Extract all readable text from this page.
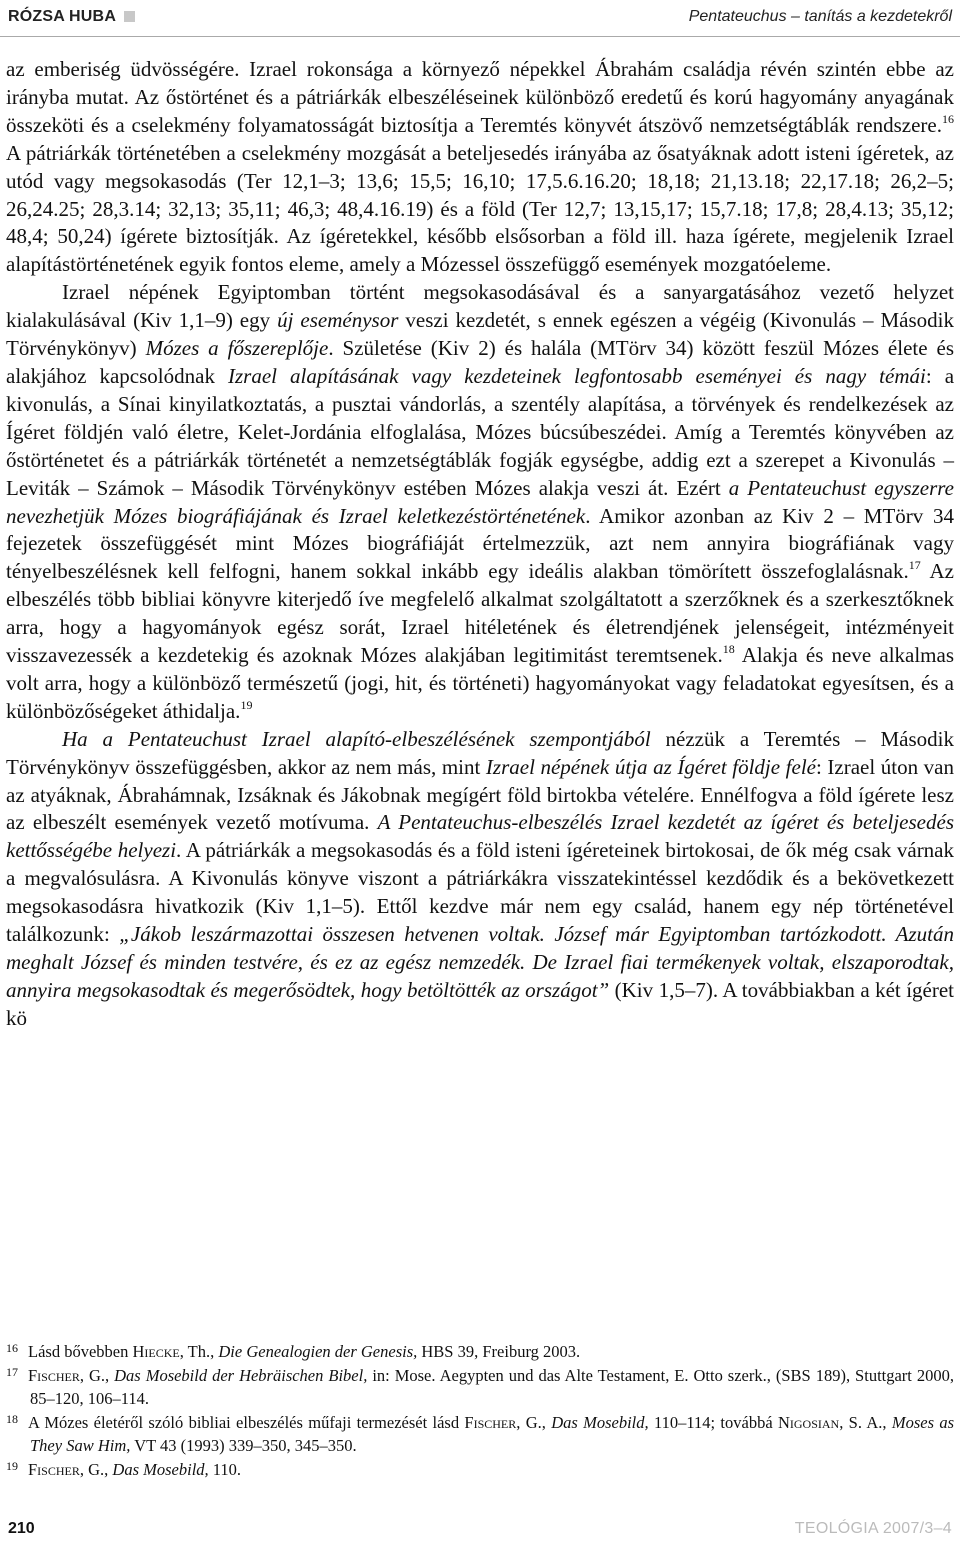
RÓZSA HUBA	Pentateuchus – tanítás a kezdetekről

az emberiség üdvösségére. Izrael rokonsága a környező népekkel Ábrahám családja révén szintén ebbe az irányba mutat. Az őstörténet és a pátriárkák elbeszéléseinek különböző eredetű és korú hagyomány anyagának összeköti és a cselekmény folyamatosságát biztosítja a Teremtés könyvét átszövő nemzetségtáblák rendszere.$^{16}$ A pátriárkák történetében a cselekmény mozgását a beteljesedés irányába az ősatyáknak adott isteni ígéretek, az utód vagy megsokasodás (Ter 12,1–3; 13,6; 15,5; 16,10; 17,5.6.16.20; 18,18; 21,13.18; 22,17.18; 26,2–5; 26,24.25; 28,3.14; 32,13; 35,11; 46,3; 48,4.16.19) és a föld (Ter 12,7; 13,15,17; 15,7.18; 17,8; 28,4.13; 35,12; 48,4; 50,24) ígérete biztosítják. Az ígéretekkel, később elsősorban a föld ill. haza ígérete, megjelenik Izrael alapítástörténetének egyik fontos eleme, amely a Mózessel összefüggő események mozgatóeleme.

Izrael népének Egyiptomban történt megsokasodásával és a sanyargatásához vezető helyzet kialakulásával (Kiv 1,1–9) egy új eseménysor veszi kezdetét, s ennek egészen a végéig (Kivonulás – Második Törvénykönyv) Mózes a főszereplője. Születése (Kiv 2) és halála (MTörv 34) között feszül Mózes élete és alakjához kapcsolódnak Izrael alapításának vagy kezdeteinek legfontosabb eseményei és nagy témái: a kivonulás, a Sínai kinyilatkoztatás, a pusztai vándorlás, a szentély alapítása, a törvények és rendelkezések az Ígéret földjén való életre, Kelet-Jordánia elfoglalása, Mózes búcsúbeszédei. Amíg a Teremtés könyvében az őstörténetet és a pátriárkák történetét a nemzetségtáblák fogják egységbe, addig ezt a szerepet a Kivonulás – Leviták – Számok – Második Törvénykönyv estében Mózes alakja veszi át. Ezért a Pentateuchust egyszerre nevezhetjük Mózes biográfiájának és Izrael keletkezéstörténetének. Amikor azonban az Kiv 2 – MTörv 34 fejezetek összefüggését mint Mózes biográfiáját értelmezzük, azt nem annyira biográfiának vagy tényelbeszélésnek kell felfogni, hanem sokkal inkább egy ideális alakban tömörített összefoglalásnak.$^{17}$ Az elbeszélés több bibliai könyvre kiterjedő íve megfelelő alkalmat szolgáltatott a szerzőknek és a szerkesztőknek arra, hogy a hagyományok egész sorát, Izrael hitéletének és életrendjének jelenségeit, intézményeit visszavezessék a kezdetekig és azoknak Mózes alakjában legitimitást teremtsenek.$^{18}$ Alakja és neve alkalmas volt arra, hogy a különböző természetű (jogi, hit, és történeti) hagyományokat vagy feladatokat egyesítsen, és a különbözőségeket áthidalja.$^{19}$

Ha a Pentateuchust Izrael alapító-elbeszélésének szempontjából nézzük a Teremtés – Második Törvénykönyv összefüggésben, akkor az nem más, mint Izrael népének útja az Ígéret földje felé: Izrael úton van az atyáknak, Ábrahámnak, Izsáknak és Jákobnak megígért föld birtokba vételére. Ennélfogva a föld ígérete lesz az elbeszélt események vezető motívuma. A Pentateuchus-elbeszélés Izrael kezdetét az ígéret és beteljesedés kettősségébe helyezi. A pátriárkák a megsokasodás és a föld isteni ígéreteinek birtokosai, de ők még csak várnak a megvalósulásra. A Kivonulás könyve viszont a pátriárkákra visszatekintéssel kezdődik és a bekövetkezett megsokasodásra hivatkozik (Kiv 1,1–5). Ettől kezdve már nem egy család, hanem egy nép történetével találkozunk: „Jákob leszármazottai összesen hetvenen voltak. József már Egyiptomban tartózkodott. Azután meghalt József és minden testvére, és ez az egész nemzedék. De Izrael fiai termékenyek voltak, elszaporodtak, annyira megsokasodtak és megerősödtek, hogy betöltötték az országot” (Kiv 1,5–7). A továbbiakban a két ígéret kö

16 Lásd bővebben Hiecke, Th., Die Genealogien der Genesis, HBS 39, Freiburg 2003.
17 Fischer, G., Das Mosebild der Hebräischen Bibel, in: Mose. Aegypten und das Alte Testament, E. Otto szerk., (SBS 189), Stuttgart 2000, 85–120, 106–114.
18 A Mózes életéről szóló bibliai elbeszélés műfaji termezését lásd Fischer, G., Das Mosebild, 110–114; továbbá Nigosian, S. A., Moses as They Saw Him, VT 43 (1993) 339–350, 345–350.
19 Fischer, G., Das Mosebild, 110.
210	TEOLÓGIA 2007/3–4
